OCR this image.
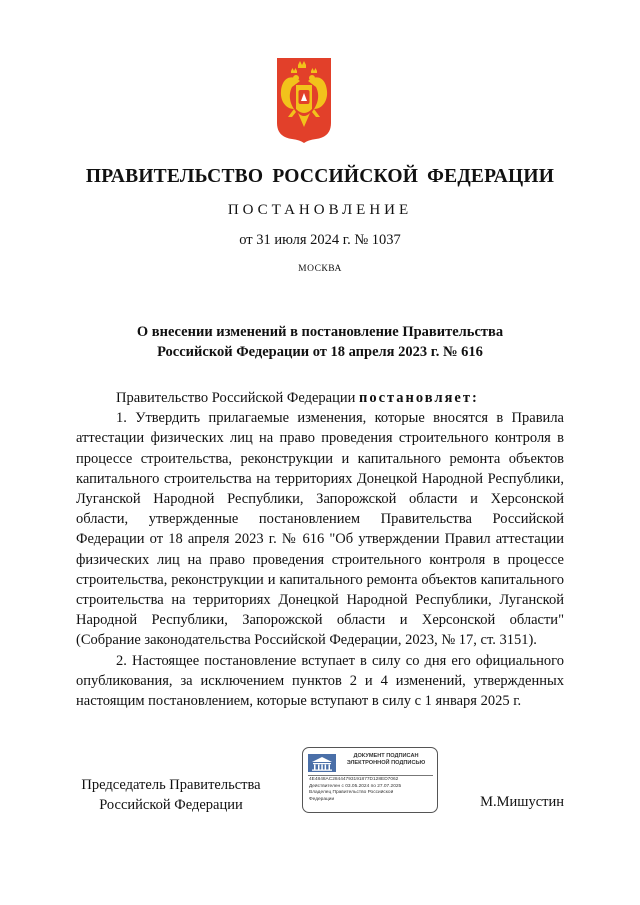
ПРАВИТЕЛЬСТВО РОССИЙСКОЙ ФЕДЕРАЦИИ
ПОСТАНОВЛЕНИЕ
от 31 июля 2024 г. № 1037
МОСКВА
О внесении изменений в постановление Правительства
Российской Федерации от 18 апреля 2023 г. № 616

Правительство Российской Федерации постановляет:

1. Утвердить прилагаемые изменения, которые вносятся в Правила аттестации физических лиц на право проведения строительного контроля в процессе строительства, реконструкции и капитального ремонта объектов капитального строительства на территориях Донецкой Народной Республики, Луганской Народной Республики, Запорожской области и Херсонской области, утвержденные постановлением Правительства Российской Федерации от 18 апреля 2023 г. № 616 "Об утверждении Правил аттестации физических лиц на право проведения строительного контроля в процессе строительства, реконструкции и капитального ремонта объектов капитального строительства на территориях Донецкой Народной Республики, Луганской Народной Республики, Запорожской области и Херсонской области" (Собрание законодательства Российской Федерации, 2023, № 17, ст. 3151).

2. Настоящее постановление вступает в силу со дня его официального опубликования, за исключением пунктов 2 и 4 изменений, утвержденных настоящим постановлением, которые вступают в силу с 1 января 2025 г.

Председатель Правительства
Российской Федерации
ДОКУМЕНТ ПОДПИСАН
ЭЛЕКТРОННОЙ ПОДПИСЬЮ
4E4848AC28444793191877D128ED7062
Действителен с 03.05.2024 по 27.07.2025
Владелец Правительство Российской
Федерации	М.Мишустин
